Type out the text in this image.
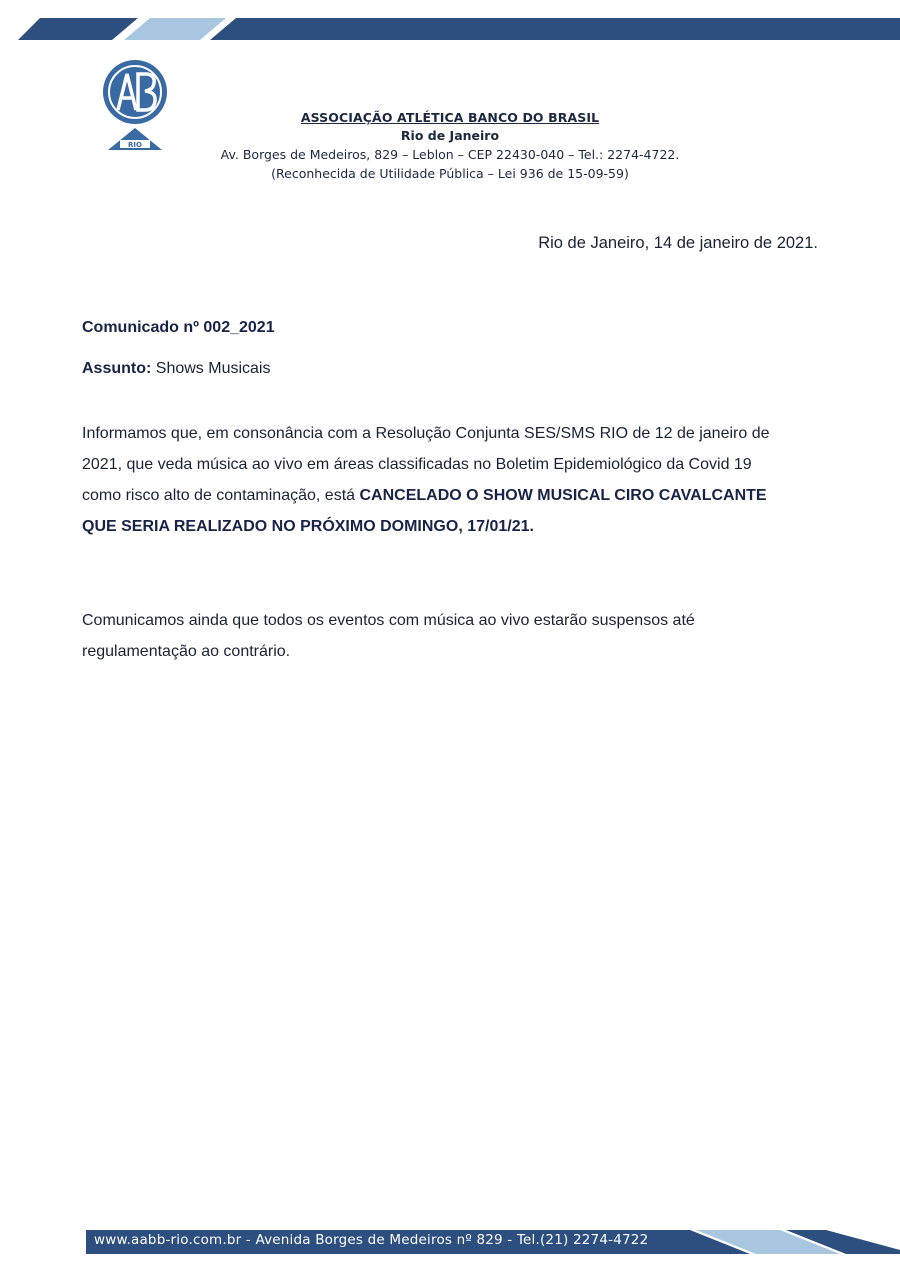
RIO
ASSOCIAÇÃO ATLÉTICA BANCO DO BRASIL
Rio de Janeiro
Av. Borges de Medeiros, 829 – Leblon – CEP 22430-040 – Tel.: 2274-4722.
(Reconhecida de Utilidade Pública – Lei 936 de 15-09-59)
Rio de Janeiro, 14 de janeiro de 2021.
Comunicado nº 002_2021
Assunto: Shows Musicais
Informamos que, em consonância com a Resolução Conjunta SES/SMS RIO de 12 de janeiro de 2021, que veda música ao vivo em áreas classificadas no Boletim Epidemiológico da Covid 19 como risco alto de contaminação, está CANCELADO O SHOW MUSICAL CIRO CAVALCANTE QUE SERIA REALIZADO NO PRÓXIMO DOMINGO, 17/01/21.
Comunicamos ainda que todos os eventos com música ao vivo estarão suspensos até regulamentação ao contrário.
www.aabb-rio.com.br - Avenida Borges de Medeiros nº 829 - Tel.(21) 2274-4722
